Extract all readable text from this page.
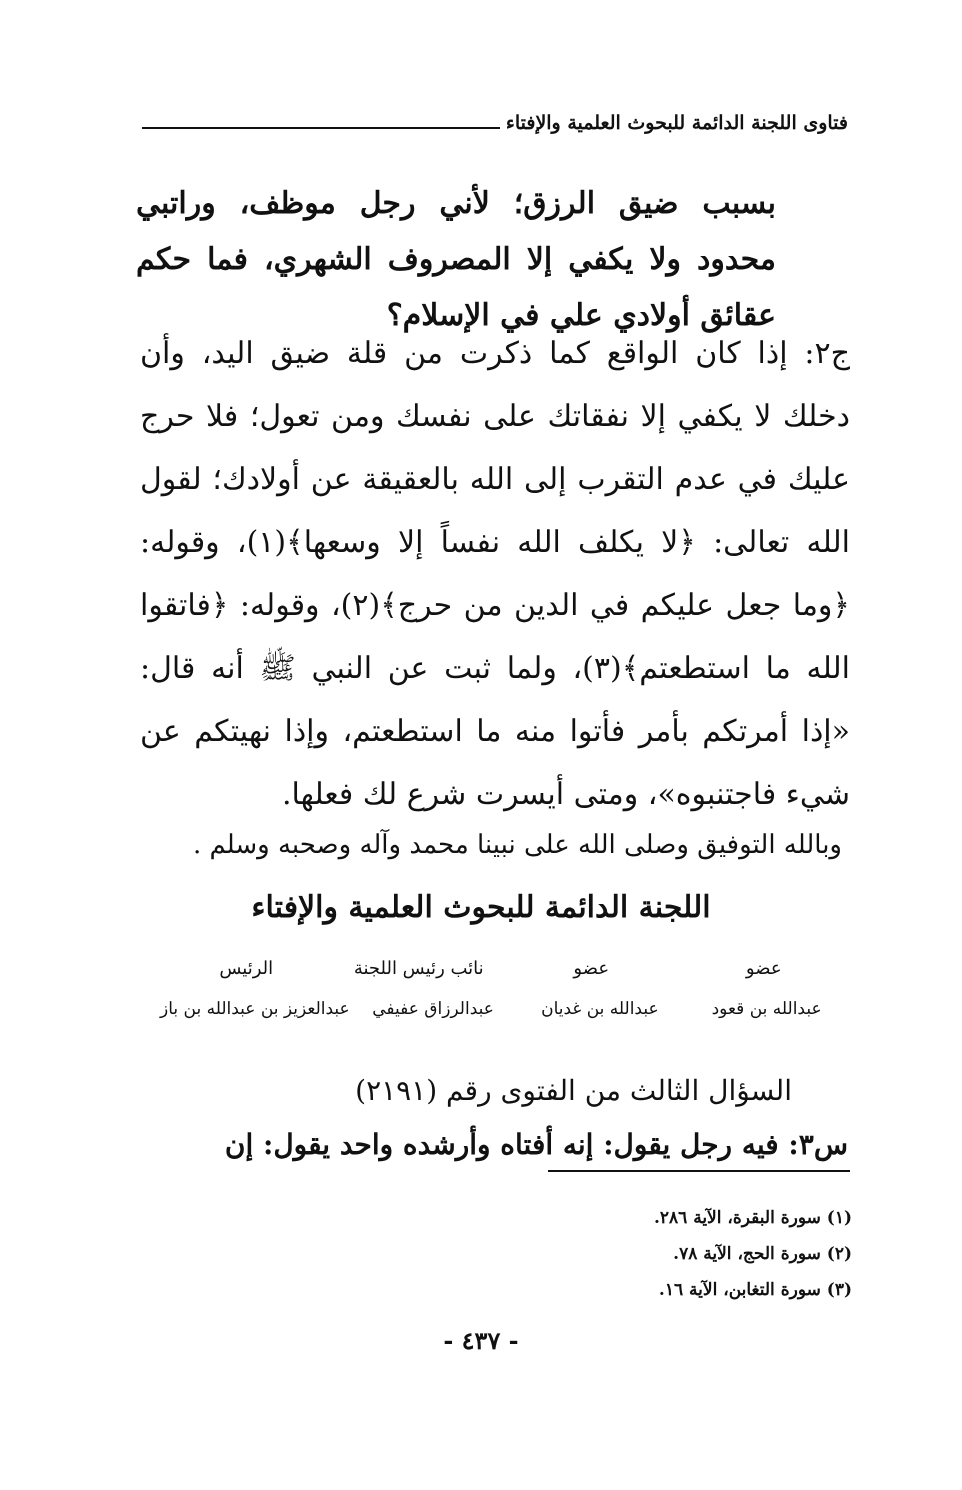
فتاوى اللجنة الدائمة للبحوث العلمية والإفتاء
بسبب ضيق الرزق؛ لأني رجل موظف، وراتبي محدود ولا يكفي إلا المصروف الشهري، فما حكم عقائق أولادي علي في الإسلام؟
ج٢: إذا كان الواقع كما ذكرت من قلة ضيق اليد، وأن دخلك لا يكفي إلا نفقاتك على نفسك ومن تعول؛ فلا حرج عليك في عدم التقرب إلى الله بالعقيقة عن أولادك؛ لقول الله تعالى: ﴿لا يكلف الله نفساً إلا وسعها﴾(١)، وقوله: ﴿وما جعل عليكم في الدين من حرج﴾(٢)، وقوله: ﴿فاتقوا الله ما استطعتم﴾(٣)، ولما ثبت عن النبي ﷺ أنه قال: «إذا أمرتكم بأمر فأتوا منه ما استطعتم، وإذا نهيتكم عن شيء فاجتنبوه»، ومتى أيسرت شرع لك فعلها.
وبالله التوفيق وصلى الله على نبينا محمد وآله وصحبه وسلم .
اللجنة الدائمة للبحوث العلمية والإفتاء
عضو
عضو
نائب رئيس اللجنة
الرئيس
عبدالله بن قعود
عبدالله بن غديان
عبدالرزاق عفيفي
عبدالعزيز بن عبدالله بن باز
السؤال الثالث من الفتوى رقم (٢١٩١)
س٣: فيه رجل يقول: إنه أفتاه وأرشده واحد يقول: إن
(١) سورة البقرة، الآية ٢٨٦.
(٢) سورة الحج، الآية ٧٨.
(٣) سورة التغابن، الآية ١٦.
- ٤٣٧ -
